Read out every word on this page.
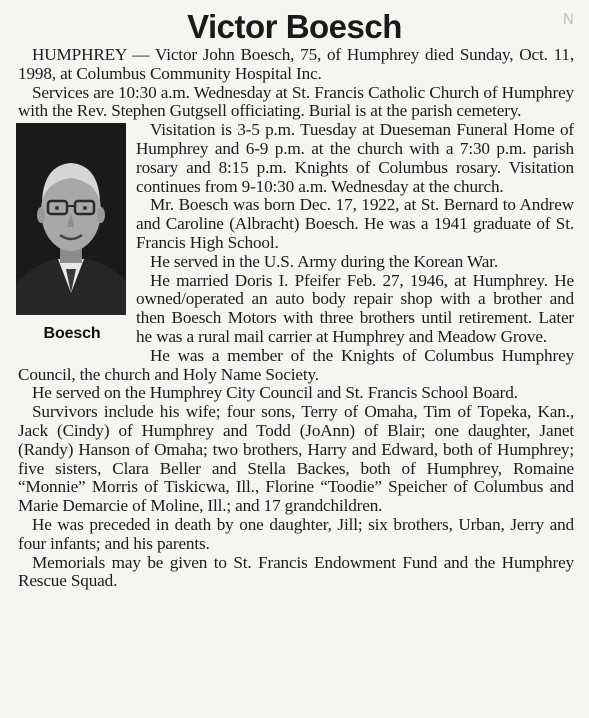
N
Victor Boesch

HUMPHREY — Victor John Boesch, 75, of Humphrey died Sunday, Oct. 11, 1998, at Columbus Community Hospital Inc.

Services are 10:30 a.m. Wednesday at St. Francis Catholic Church of Humphrey with the Rev. Stephen Gutgsell officiating. Burial is at the parish cemetery.

Boesch

Visitation is 3-5 p.m. Tuesday at Dueseman Funeral Home of Humphrey and 6-9 p.m. at the church with a 7:30 p.m. parish rosary and 8:15 p.m. Knights of Columbus rosary. Visitation continues from 9-10:30 a.m. Wednesday at the church.

Mr. Boesch was born Dec. 17, 1922, at St. Bernard to Andrew and Caroline (Albracht) Boesch. He was a 1941 graduate of St. Francis High School.

He served in the U.S. Army during the Korean War.

He married Doris I. Pfeifer Feb. 27, 1946, at Humphrey. He owned/operated an auto body repair shop with a brother and then Boesch Motors with three brothers until retirement. Later he was a rural mail carrier at Humphrey and Meadow Grove.

He was a member of the Knights of Columbus Humphrey Council, the church and Holy Name Society.

He served on the Humphrey City Council and St. Francis School Board.

Survivors include his wife; four sons, Terry of Omaha, Tim of Topeka, Kan., Jack (Cindy) of Humphrey and Todd (JoAnn) of Blair; one daughter, Janet (Randy) Hanson of Omaha; two brothers, Harry and Edward, both of Humphrey; five sisters, Clara Beller and Stella Backes, both of Humphrey, Romaine “Monnie” Morris of Tiskicwa, Ill., Florine “Toodie” Speicher of Columbus and Marie Demarcie of Moline, Ill.; and 17 grandchildren.

He was preceded in death by one daughter, Jill; six brothers, Urban, Jerry and four infants; and his parents.

Memorials may be given to St. Francis Endowment Fund and the Humphrey Rescue Squad.
